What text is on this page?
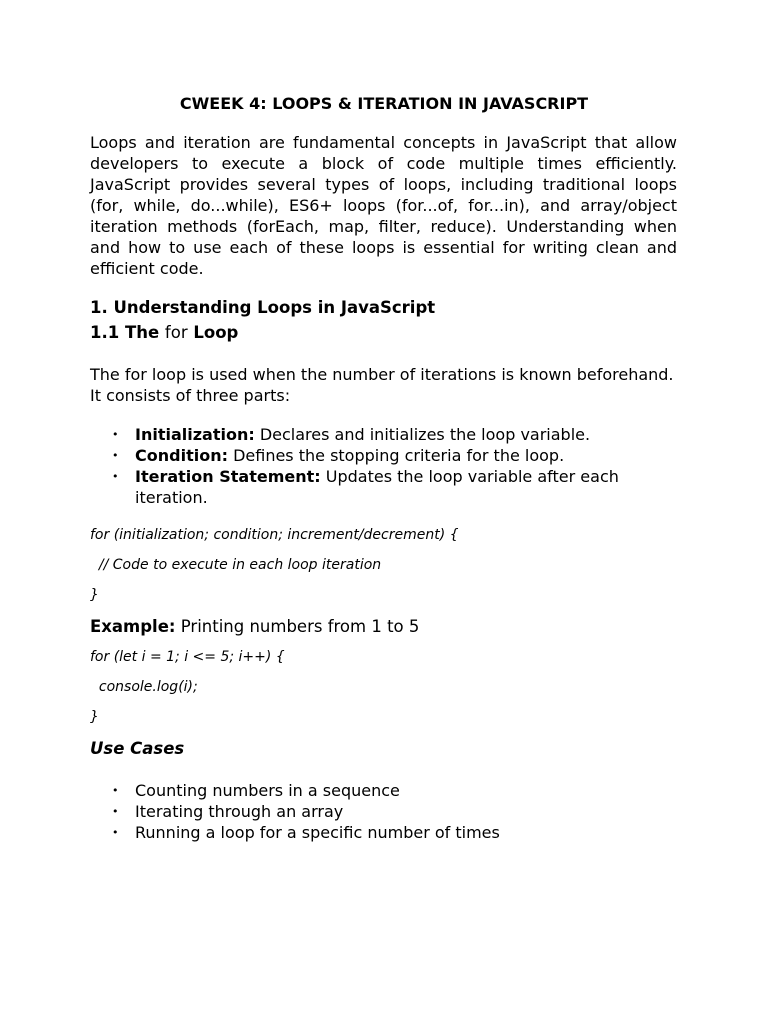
CWEEK 4: LOOPS & ITERATION IN JAVASCRIPT

Loops and iteration are fundamental concepts in JavaScript that allow developers to execute a block of code multiple times efficiently. JavaScript provides several types of loops, including traditional loops (for, while, do...while), ES6+ loops (for...of, for...in), and array/object iteration methods (forEach, map, filter, reduce). Understanding when and how to use each of these loops is essential for writing clean and efficient code.

1. Understanding Loops in JavaScript

1.1 The for Loop

The for loop is used when the number of iterations is known beforehand. It consists of three parts:

• Initialization: Declares and initializes the loop variable.
• Condition: Defines the stopping criteria for the loop.
• Iteration Statement: Updates the loop variable after each iteration.

for (initialization; condition; increment/decrement) {

// Code to execute in each loop iteration

}

Example: Printing numbers from 1 to 5

for (let i = 1; i <= 5; i++) {

console.log(i);

}

Use Cases

• Counting numbers in a sequence
• Iterating through an array
• Running a loop for a specific number of times
